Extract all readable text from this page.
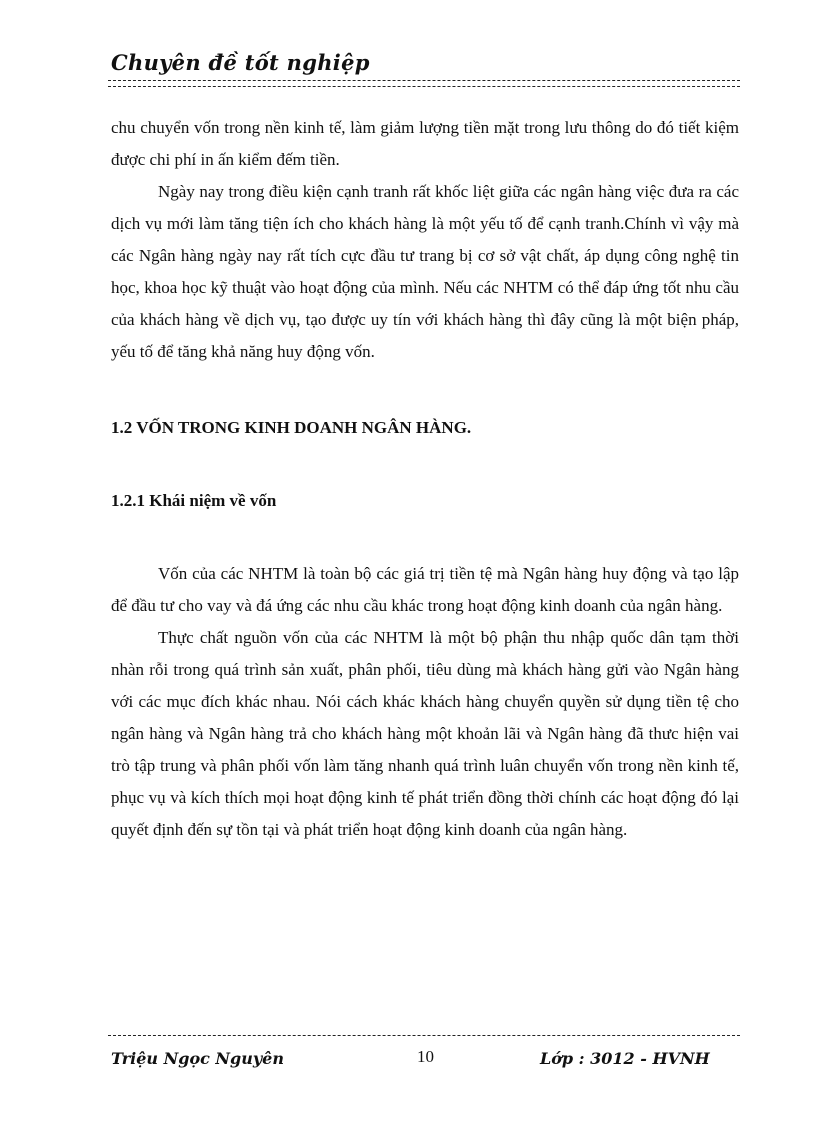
Chuyên đề tốt nghiệp

chu chuyển vốn trong nền kinh tế, làm giảm lượng tiền mặt trong lưu thông do đó tiết kiệm được chi phí in ấn kiểm đếm tiền.

Ngày nay trong điều kiện cạnh tranh rất khốc liệt giữa các ngân hàng việc đưa ra các dịch vụ mới làm tăng tiện ích cho khách hàng là một yếu tố để cạnh tranh.Chính vì vậy mà các Ngân hàng ngày nay rất tích cực đầu tư trang bị cơ sở vật chất, áp dụng công nghệ tin học, khoa học kỹ thuật vào hoạt động của mình. Nếu các NHTM có thể đáp ứng tốt nhu cầu của khách hàng về dịch vụ, tạo được uy tín với khách hàng thì đây cũng là một biện pháp, yếu tố để tăng khả năng huy động vốn.

1.2 VỐN TRONG KINH DOANH NGÂN HÀNG.

1.2.1 Khái niệm về vốn

Vốn của các NHTM là toàn bộ các giá trị tiền tệ mà Ngân hàng huy động và tạo lập để đầu tư cho vay và đá ứng các nhu cầu khác trong hoạt động kinh doanh của ngân hàng.

Thực chất nguồn vốn của các NHTM là một bộ phận thu nhập quốc dân tạm thời nhàn rỗi trong quá trình sản xuất, phân phối, tiêu dùng mà khách hàng gửi vào Ngân hàng với các mục đích khác nhau. Nói cách khác khách hàng chuyển quyền sử dụng tiền tệ cho ngân hàng và Ngân hàng trả cho khách hàng một khoản lãi và Ngân hàng đã thưc hiện vai trò tập trung và phân phối vốn làm tăng nhanh quá trình luân chuyển vốn trong nền kinh tế, phục vụ và kích thích mọi hoạt động kinh tế phát triển đồng thời chính các hoạt động đó lại quyết định đến sự tồn tại và phát triển hoạt động kinh doanh của ngân hàng.

Triệu Ngọc Nguyên	10	Lớp : 3012 - HVNH
